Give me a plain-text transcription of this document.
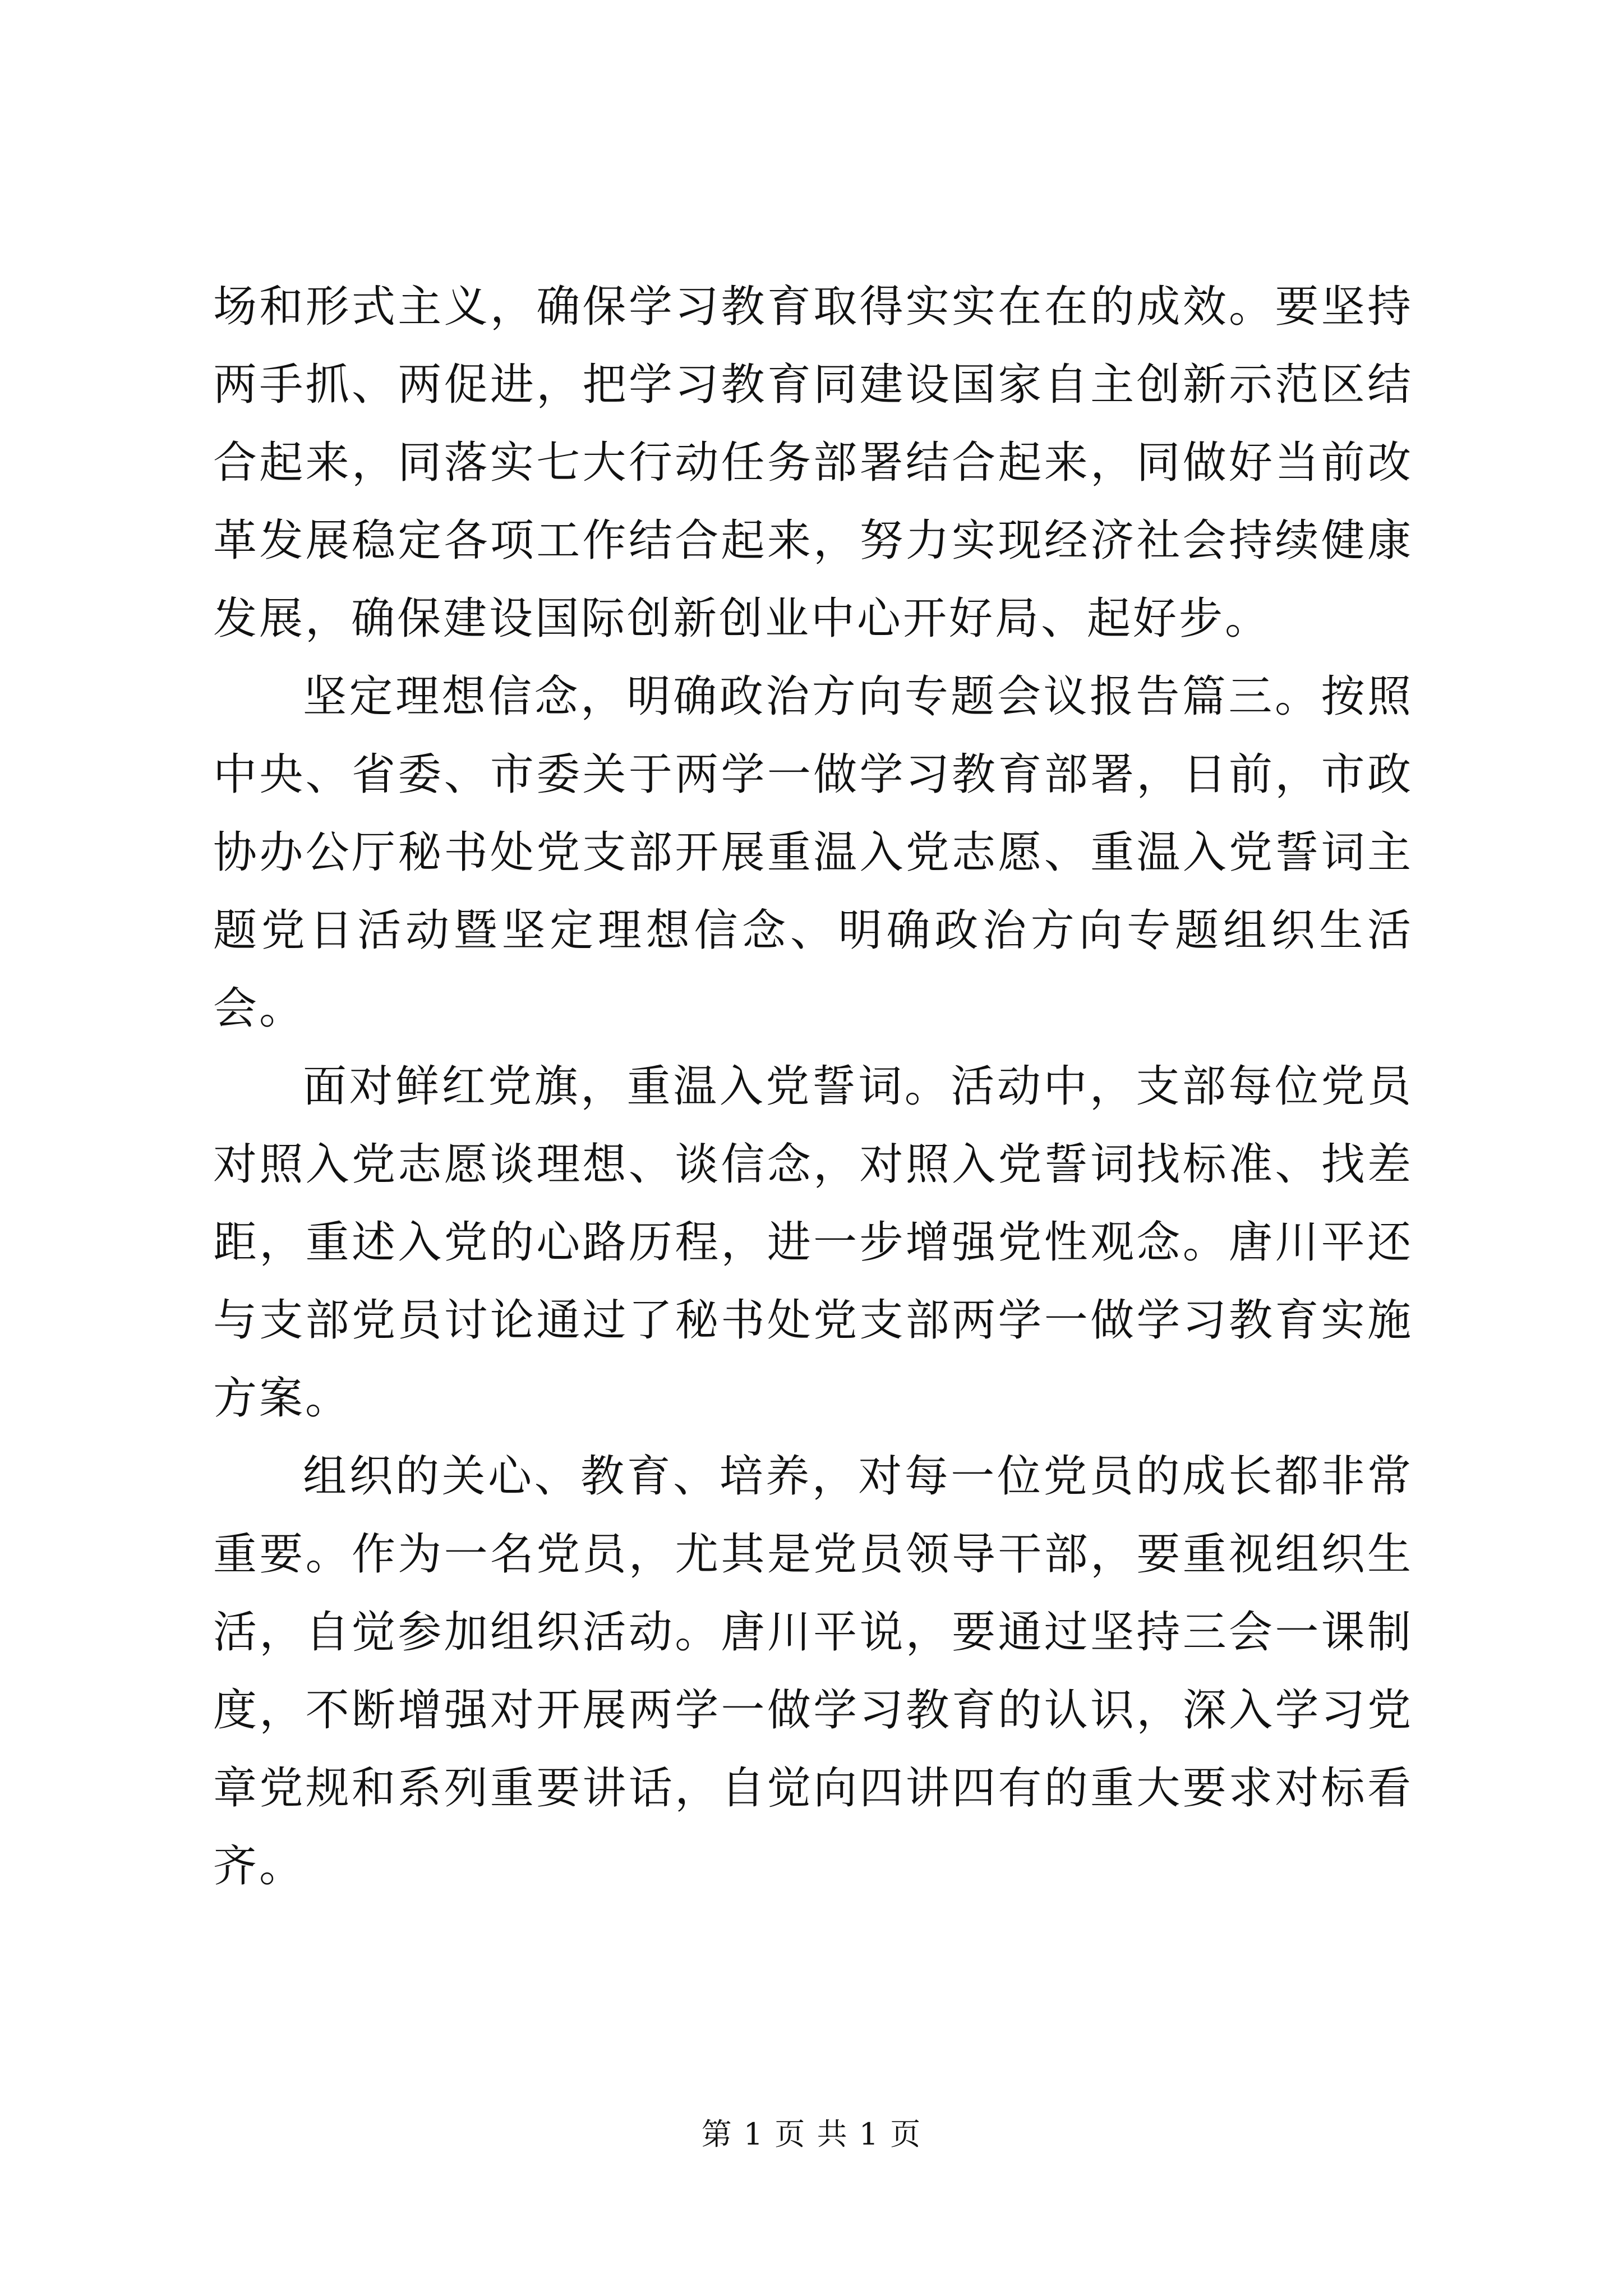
场和形式主义，确保学习教育取得实实在在的成效。要坚持两手抓、两促进，把学习教育同建设国家自主创新示范区结合起来，同落实七大行动任务部署结合起来，同做好当前改革发展稳定各项工作结合起来，努力实现经济社会持续健康发展，确保建设国际创新创业中心开好局、起好步。

坚定理想信念，明确政治方向专题会议报告篇三。按照中央、省委、市委关于两学一做学习教育部署，日前，市政协办公厅秘书处党支部开展重温入党志愿、重温入党誓词主题党日活动暨坚定理想信念、明确政治方向专题组织生活会。

面对鲜红党旗，重温入党誓词。活动中，支部每位党员对照入党志愿谈理想、谈信念，对照入党誓词找标准、找差距，重述入党的心路历程，进一步增强党性观念。唐川平还与支部党员讨论通过了秘书处党支部两学一做学习教育实施方案。

组织的关心、教育、培养，对每一位党员的成长都非常重要。作为一名党员，尤其是党员领导干部，要重视组织生活，自觉参加组织活动。唐川平说，要通过坚持三会一课制度，不断增强对开展两学一做学习教育的认识，深入学习党章党规和系列重要讲话，自觉向四讲四有的重大要求对标看齐。

第 1 页 共 1 页
